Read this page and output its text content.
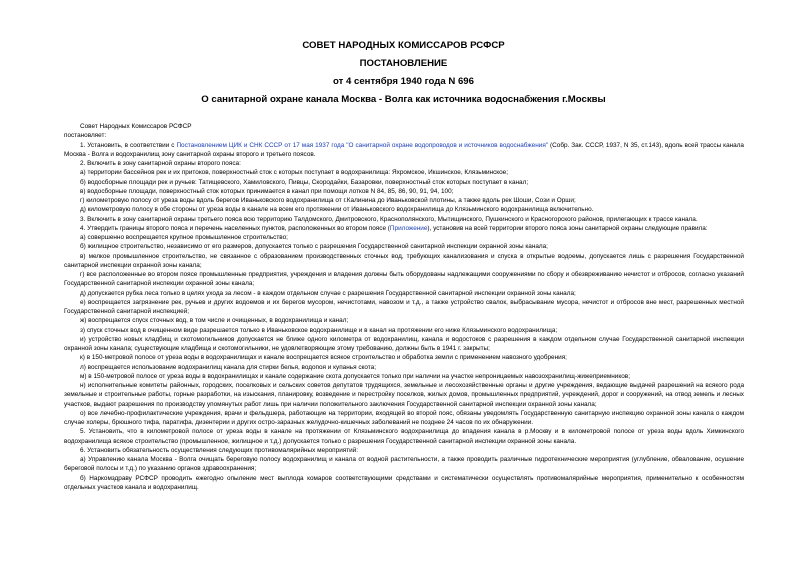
СОВЕТ НАРОДНЫХ КОМИССАРОВ РСФСР
ПОСТАНОВЛЕНИЕ
от 4 сентября 1940 года N 696
О санитарной охране канала Москва - Волга как источника водоснабжения г.Москвы

Совет Народных Комиссаров РСФСР

постановляет:

1. Установить, в соответствии с Постановлением ЦИК и СНК СССР от 17 мая 1937 года "О санитарной охране водопроводов и источников водоснабжения" (Собр. Зак. СССР, 1937, N 35, ст.143), вдоль всей трассы канала Москва - Волга и водохранилищ зону санитарной охраны второго и третьего поясов.

2. Включить в зону санитарной охраны второго пояса:

а) территории бассейнов рек и их притоков, поверхностный сток с которых поступает в водохранилища: Яхромское, Икшинское, Клязьминское;

б) водосборные площади рек и ручьев: Татищевского, Хамиловского, Пивцы, Скородайки, Базаровки, поверхностный сток которых поступает в канал;

в) водосборные площади, поверхностный сток которых принимается в канал при помощи лотков N 84, 85, 86, 90, 91, 94, 100;

г) километровую полосу от уреза воды вдоль берегов Иваньковского водохранилища от г.Калинина до Иваньковской плотины, а также вдоль рек Шоши, Сози и Орши;

д) километровую полосу в обе стороны от уреза воды в канале на всем его протяжении от Иваньковского водохранилища до Клязьминского водохранилища включительно.

3. Включить в зону санитарной охраны третьего пояса всю территорию Талдомского, Дмитровского, Краснополянского, Мытищинского, Пушкинского и Красногорского районов, прилегающих к трассе канала.

4. Утвердить границы второго пояса и перечень населенных пунктов, расположенных во втором поясе (Приложение), установив на всей территории второго пояса зоны санитарной охраны следующие правила:

а) совершенно воспрещается крупное промышленное строительство;

б) жилищное строительство, независимо от его размеров, допускается только с разрешения Государственной санитарной инспекции охранной зоны канала;

в) мелкое промышленное строительство, не связанное с образованием производственных сточных вод, требующих канализования и спуска в открытые водоемы, допускается лишь с разрешения Государственной санитарной инспекции охранной зоны канала;

г) все расположенные во втором поясе промышленные предприятия, учреждения и владения должны быть оборудованы надлежащими сооружениями по сбору и обезвреживанию нечистот и отбросов, согласно указаний Государственной санитарной инспекции охранной зоны канала;

д) допускается рубка леса только в целях ухода за лесом - в каждом отдельном случае с разрешения Государственной санитарной инспекции охранной зоны канала;

е) воспрещается загрязнение рек, ручьев и других водоемов и их берегов мусором, нечистотами, навозом и т.д., а также устройство свалок, выбрасывание мусора, нечистот и отбросов вне мест, разрешенных местной Государственной санитарной инспекцией;

ж) воспрещается спуск сточных вод, в том числе и очищенных, в водохранилища и канал;

з) спуск сточных вод в очищенном виде разрешается только в Иваньковское водохранилище и в канал на протяжении его ниже Клязьминского водохранилища;

и) устройство новых кладбищ и скотомогильников допускается не ближе одного километра от водохранилищ, канала и водостоков с разрешения в каждом отдельном случае Государственной санитарной инспекции охранной зоны канала; существующие кладбища и скотомогильники, не удовлетворяющие этому требованию, должны быть в 1941 г. закрыты;

к) в 150-метровой полосе от уреза воды в водохранилищах и канале воспрещается всякое строительство и обработка земли с применением навозного удобрения;

л) воспрещается использование водохранилищ канала для стирки белья, водопоя и купанья скота;

м) в 150-метровой полосе от уреза воды в водохранилищах и канале содержание скота допускается только при наличии на участке непроницаемых навозохранилищ-жижеприемников;

н) исполнительные комитеты районных, городских, поселковых и сельских советов депутатов трудящихся, земельные и лесохозяйственные органы и другие учреждения, ведающие выдачей разрешений на всякого рода земельные и строительные работы, горные разработки, на изыскания, планировку, возведение и перестройку поселков, жилых домов, промышленных предприятий, учреждений, дорог и сооружений, на отвод земель и лесных участков, выдают разрешения по производству упомянутых работ лишь при наличии положительного заключения Государственной санитарной инспекции охранной зоны канала;

о) все лечебно-профилактические учреждения, врачи и фельдшера, работающие на территории, входящей во второй пояс, обязаны уведомлять Государственную санитарную инспекцию охранной зоны канала о каждом случае холеры, брюшного тифа, паратифа, дизентерии и других остро-заразных желудочно-кишечных заболеваний не позднее 24 часов по их обнаружении.

5. Установить, что в километровой полосе от уреза воды в канале на протяжении от Клязьминского водохранилища до впадения канала в р.Москву и в километровой полосе от уреза воды вдоль Химкинского водохранилища всякое строительство (промышленное, жилищное и т.д.) допускается только с разрешения Государственной санитарной инспекции охранной зоны канала.

6. Установить обязательность осуществления следующих противомалярийных мероприятий:

а) Управлению канала Москва - Волга очищать береговую полосу водохранилищ и канала от водной растительности, а также проводить различные гидротехнические мероприятия (углубление, обвалование, осушение береговой полосы и т.д.) по указанию органов здравоохранения;

б) Наркомздраву РСФСР проводить ежегодно опыление мест выплода комаров соответствующими средствами и систематически осуществлять противомалярийные мероприятия, применительно к особенностям отдельных участков канала и водохранилищ.
